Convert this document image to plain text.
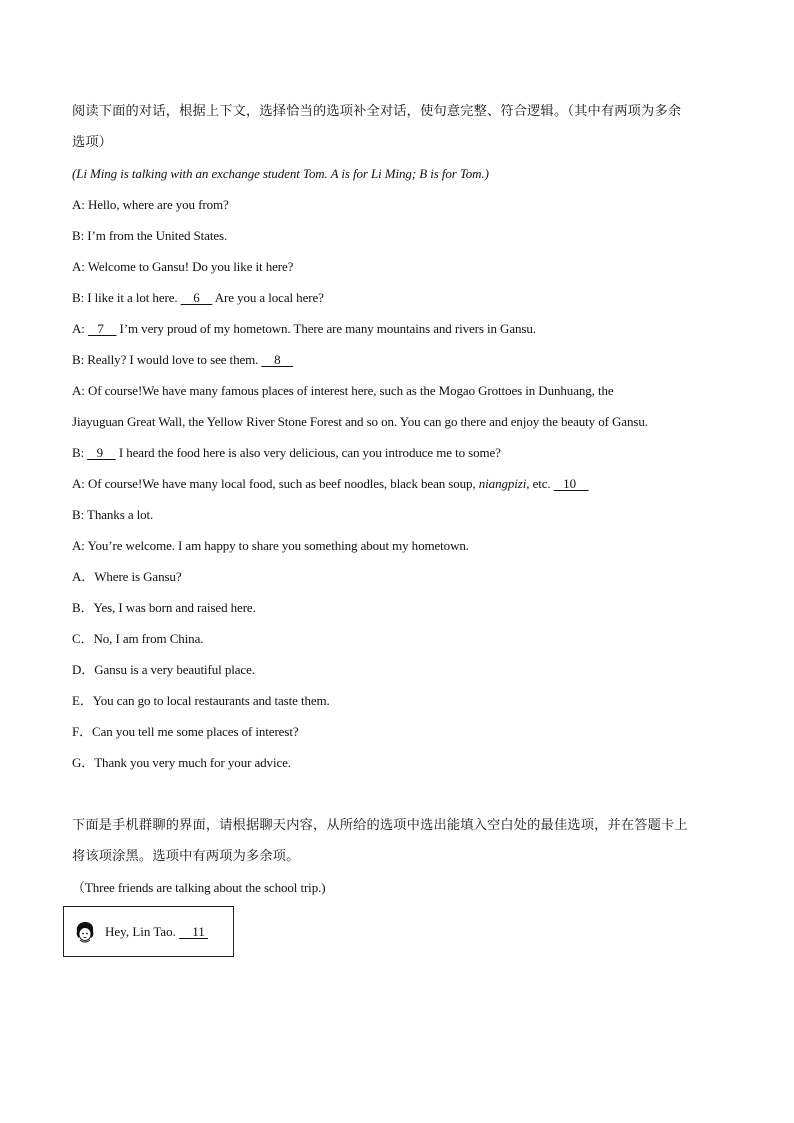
阅读下面的对话，根据上下文，选择恰当的选项补全对话，使句意完整、符合逻辑。（其中有两项为多余
选项）
(Li Ming is talking with an exchange student Tom. A is for Li Ming; B is for Tom.)
A: Hello, where are you from?
B: I’m from the United States.
A: Welcome to Gansu! Do you like it here?
B: I like it a lot here.     6     Are you a local here?
A:    7     I’m very proud of my hometown. There are many mountains and rivers in Gansu.
B: Really? I would love to see them.     8
A: Of course!We have many famous places of interest here, such as the Mogao Grottoes in Dunhuang, the
Jiayuguan Great Wall, the Yellow River Stone Forest and so on. You can go there and enjoy the beauty of Gansu.
B:    9     I heard the food here is also very delicious, can you introduce me to some?
A: Of course!We have many local food, such as beef noodles, black bean soup, niangpizi, etc.    10
B: Thanks a lot.
A: You’re welcome. I am happy to share you something about my hometown.
A．Where is Gansu?
B．Yes, I was born and raised here.
C．No, I am from China.
D．Gansu is a very beautiful place.
E．You can go to local restaurants and taste them.
F．Can you tell me some places of interest?
G．Thank you very much for your advice.
下面是手机群聊的界面，请根据聊天内容，从所给的选项中选出能填入空白处的最佳选项，并在答题卡上
将该项涂黑。选项中有两项为多余项。
（Three friends are talking about the school trip.)
Hey, Lin Tao.     11
